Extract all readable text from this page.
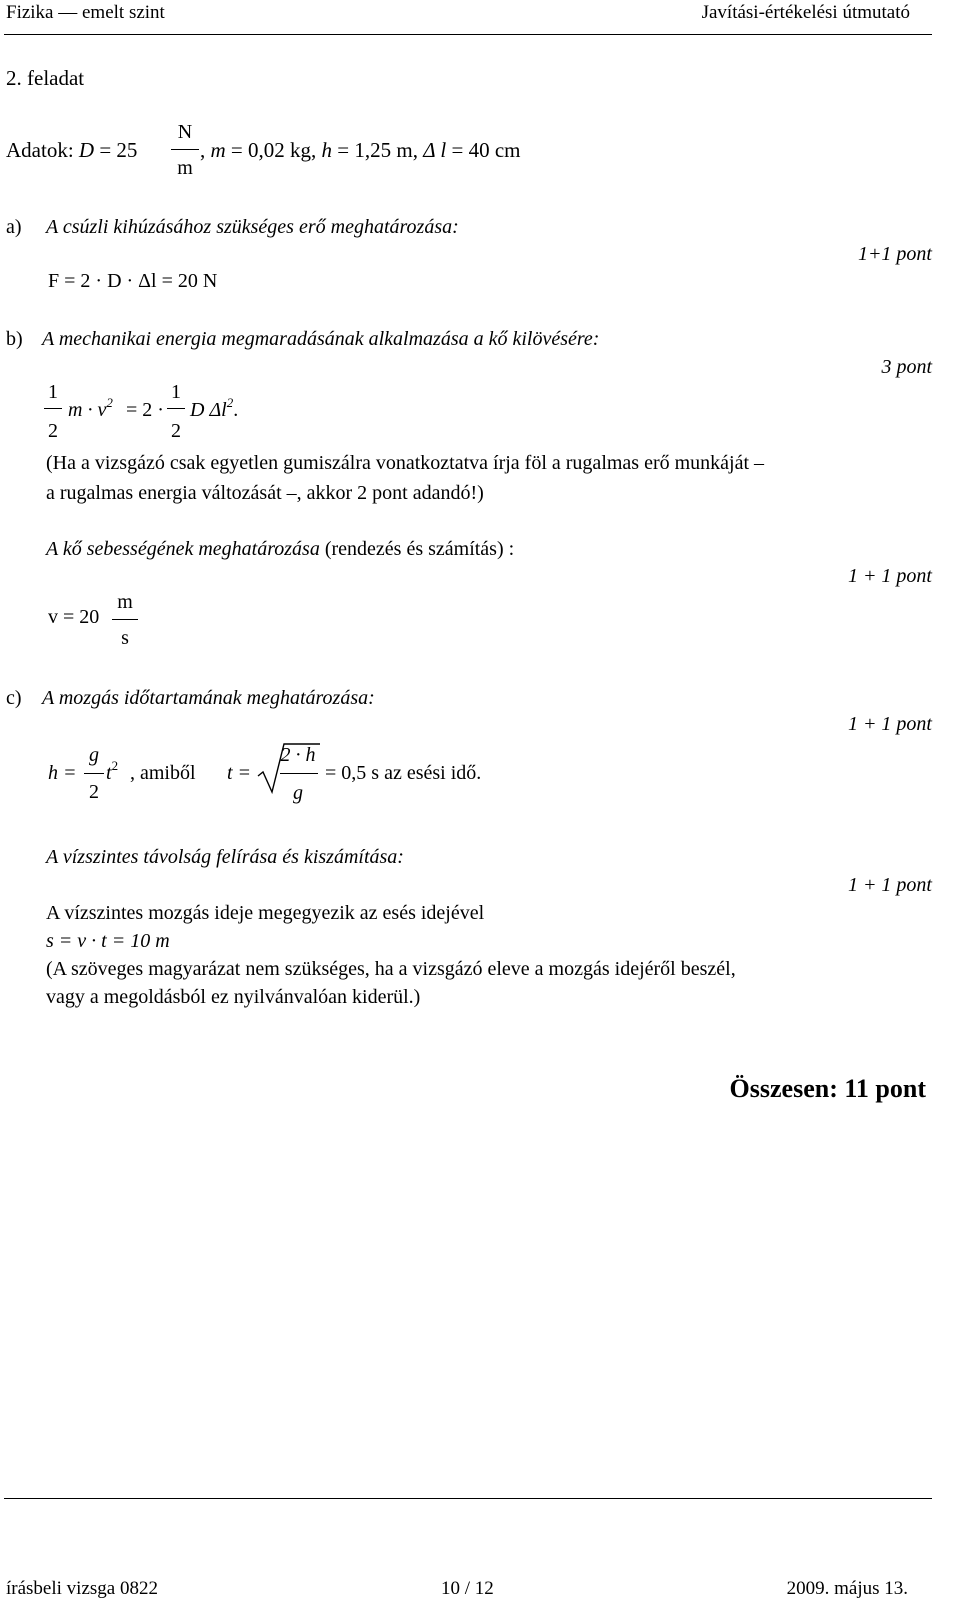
Fizika — emelt szint	Javítási-értékelési útmutató
2. feladat
Adatok: D = 25
N
m
, m = 0,02 kg, h = 1,25 m, Δ l = 40 cm
a) A csúzli kihúzásához szükséges erő meghatározása:
1+1 pont
F = 2 · D · Δl = 20 N
b) A mechanikai energia megmaradásának alkalmazása a kő kilövésére:
3 pont
1
2
$m \cdot v^2 = 2$ ·
1
2
D $\Delta l^2$.
(Ha a vizsgázó csak egyetlen gumiszálra vonatkoztatva írja föl a rugalmas erő munkáját –
a rugalmas energia változását –, akkor 2 pont adandó!)
A kő sebességének meghatározása (rendezés és számítás) :
1 + 1 pont
v = 20
m
s
c) A mozgás időtartamának meghatározása:
1 + 1 pont
h =
g
2
$t^2$ , amiből t =
2 · h
g
= 0,5 s az esési idő.
A vízszintes távolság felírása és kiszámítása:
1 + 1 pont
A vízszintes mozgás ideje megegyezik az esés idejével
s = v · t = 10 m
(A szöveges magyarázat nem szükséges, ha a vizsgázó eleve a mozgás idejéről beszél,
vagy a megoldásból ez nyilvánvalóan kiderül.)
Összesen: 11 pont
írásbeli vizsga 0822	10 / 12	2009. május 13.
